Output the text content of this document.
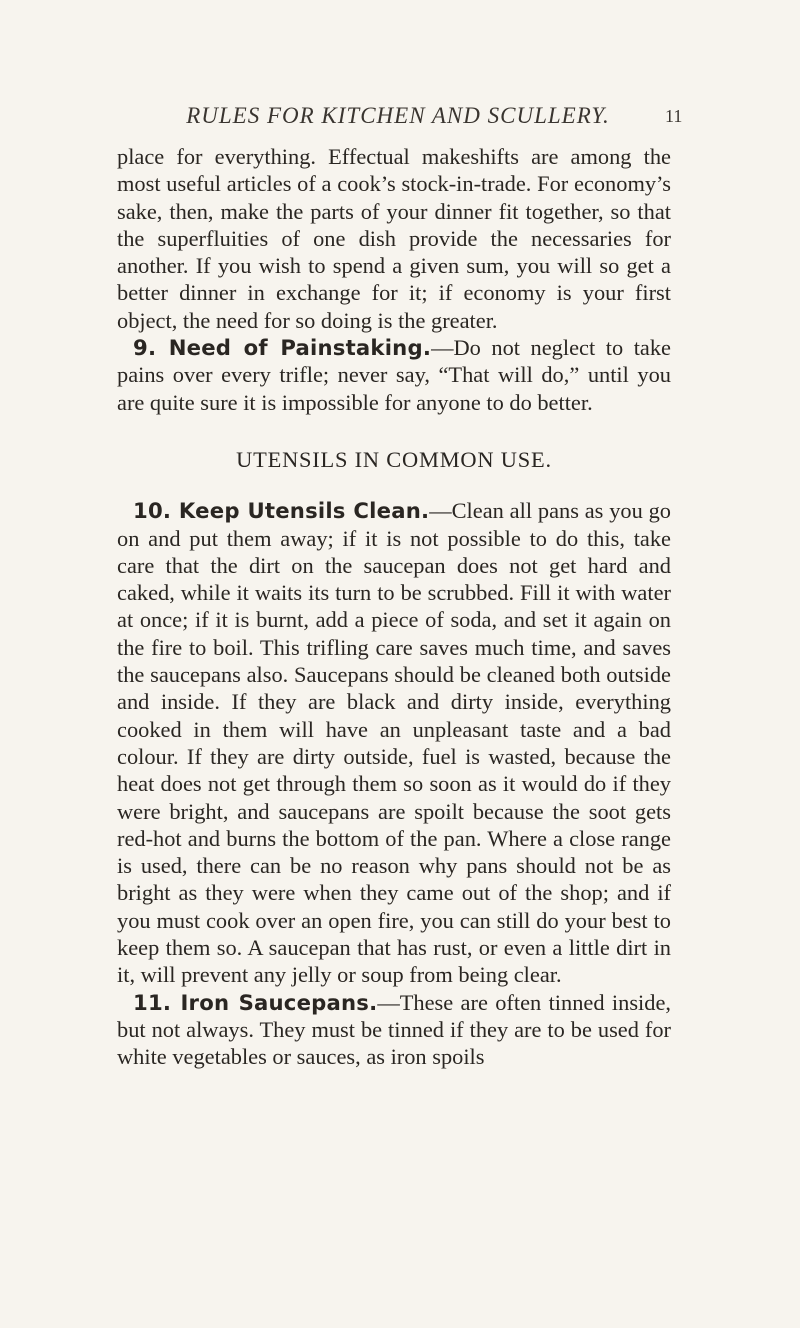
RULES FOR KITCHEN AND SCULLERY.	11

place for everything. Effectual makeshifts are among the most useful articles of a cook’s stock-in-trade. For economy’s sake, then, make the parts of your dinner fit together, so that the superfluities of one dish provide the necessaries for another. If you wish to spend a given sum, you will so get a better dinner in exchange for it; if economy is your first object, the need for so doing is the greater.

9. Need of Painstaking.—Do not neglect to take pains over every trifle; never say, “That will do,” until you are quite sure it is impossible for anyone to do better.

UTENSILS IN COMMON USE.

10. Keep Utensils Clean.—Clean all pans as you go on and put them away; if it is not possible to do this, take care that the dirt on the saucepan does not get hard and caked, while it waits its turn to be scrubbed. Fill it with water at once; if it is burnt, add a piece of soda, and set it again on the fire to boil. This trifling care saves much time, and saves the saucepans also. Saucepans should be cleaned both outside and inside. If they are black and dirty inside, everything cooked in them will have an unpleasant taste and a bad colour. If they are dirty outside, fuel is wasted, because the heat does not get through them so soon as it would do if they were bright, and saucepans are spoilt because the soot gets red-hot and burns the bottom of the pan. Where a close range is used, there can be no reason why pans should not be as bright as they were when they came out of the shop; and if you must cook over an open fire, you can still do your best to keep them so. A saucepan that has rust, or even a little dirt in it, will prevent any jelly or soup from being clear.

11. Iron Saucepans.—These are often tinned inside, but not always. They must be tinned if they are to be used for white vegetables or sauces, as iron spoils
